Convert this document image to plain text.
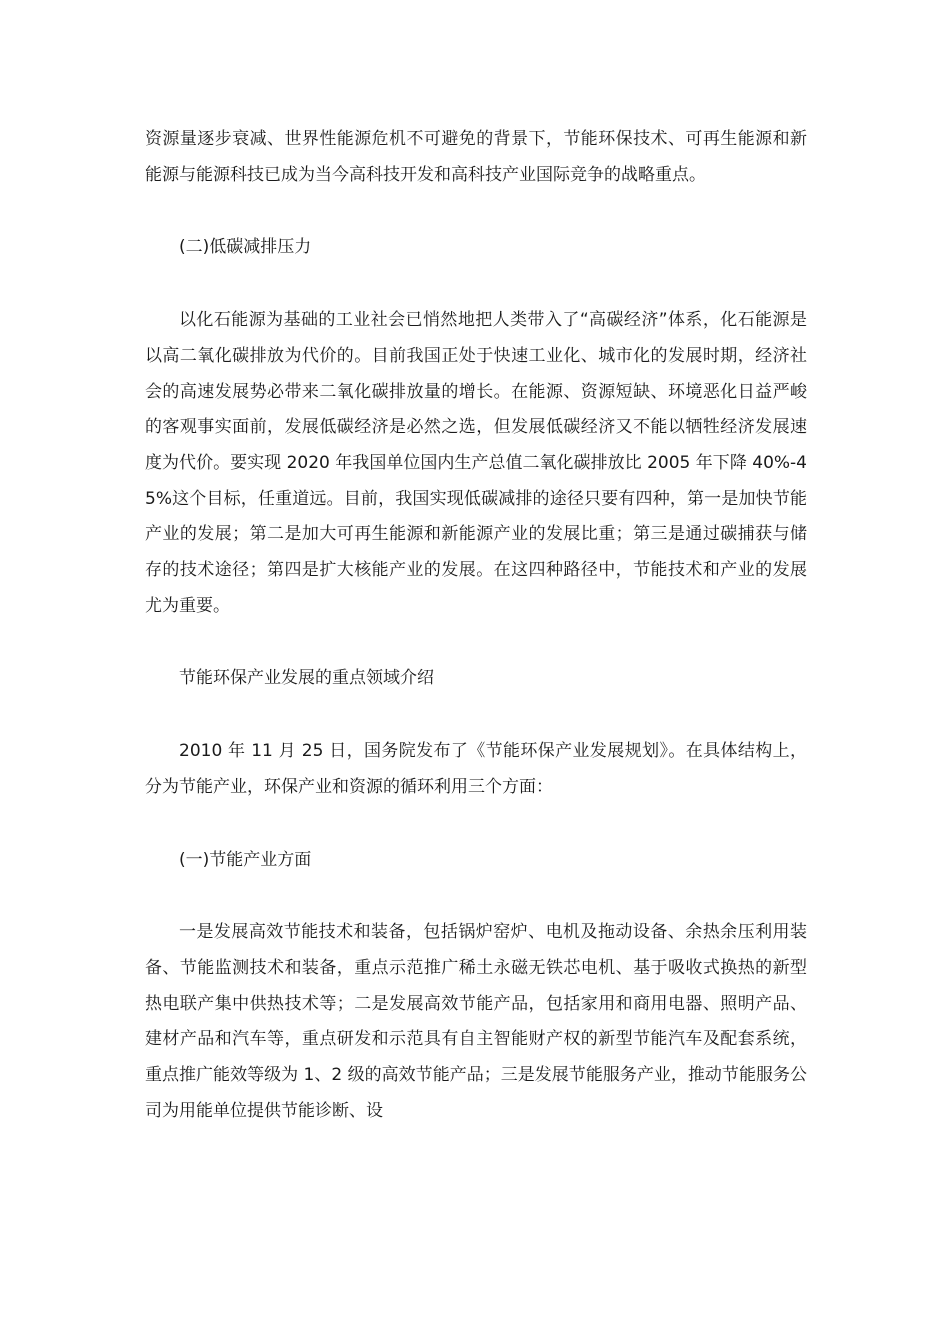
资源量逐步衰减、世界性能源危机不可避免的背景下，节能环保技术、可再生能源和新能源与能源科技已成为当今高科技开发和高科技产业国际竞争的战略重点。

(二)低碳减排压力

以化石能源为基础的工业社会已悄然地把人类带入了“高碳经济”体系，化石能源是以高二氧化碳排放为代价的。目前我国正处于快速工业化、城市化的发展时期，经济社会的高速发展势必带来二氧化碳排放量的增长。在能源、资源短缺、环境恶化日益严峻的客观事实面前，发展低碳经济是必然之选，但发展低碳经济又不能以牺牲经济发展速度为代价。要实现 2020 年我国单位国内生产总值二氧化碳排放比 2005 年下降 40%-45%这个目标，任重道远。目前，我国实现低碳减排的途径只要有四种，第一是加快节能产业的发展；第二是加大可再生能源和新能源产业的发展比重；第三是通过碳捕获与储存的技术途径；第四是扩大核能产业的发展。在这四种路径中，节能技术和产业的发展尤为重要。

节能环保产业发展的重点领域介绍

2010 年 11 月 25 日，国务院发布了《节能环保产业发展规划》。在具体结构上，分为节能产业，环保产业和资源的循环利用三个方面：

(一)节能产业方面

一是发展高效节能技术和装备，包括锅炉窑炉、电机及拖动设备、余热余压利用装备、节能监测技术和装备，重点示范推广稀土永磁无铁芯电机、基于吸收式换热的新型热电联产集中供热技术等；二是发展高效节能产品，包括家用和商用电器、照明产品、建材产品和汽车等，重点研发和示范具有自主智能财产权的新型节能汽车及配套系统，重点推广能效等级为 1、2 级的高效节能产品；三是发展节能服务产业，推动节能服务公司为用能单位提供节能诊断、设
